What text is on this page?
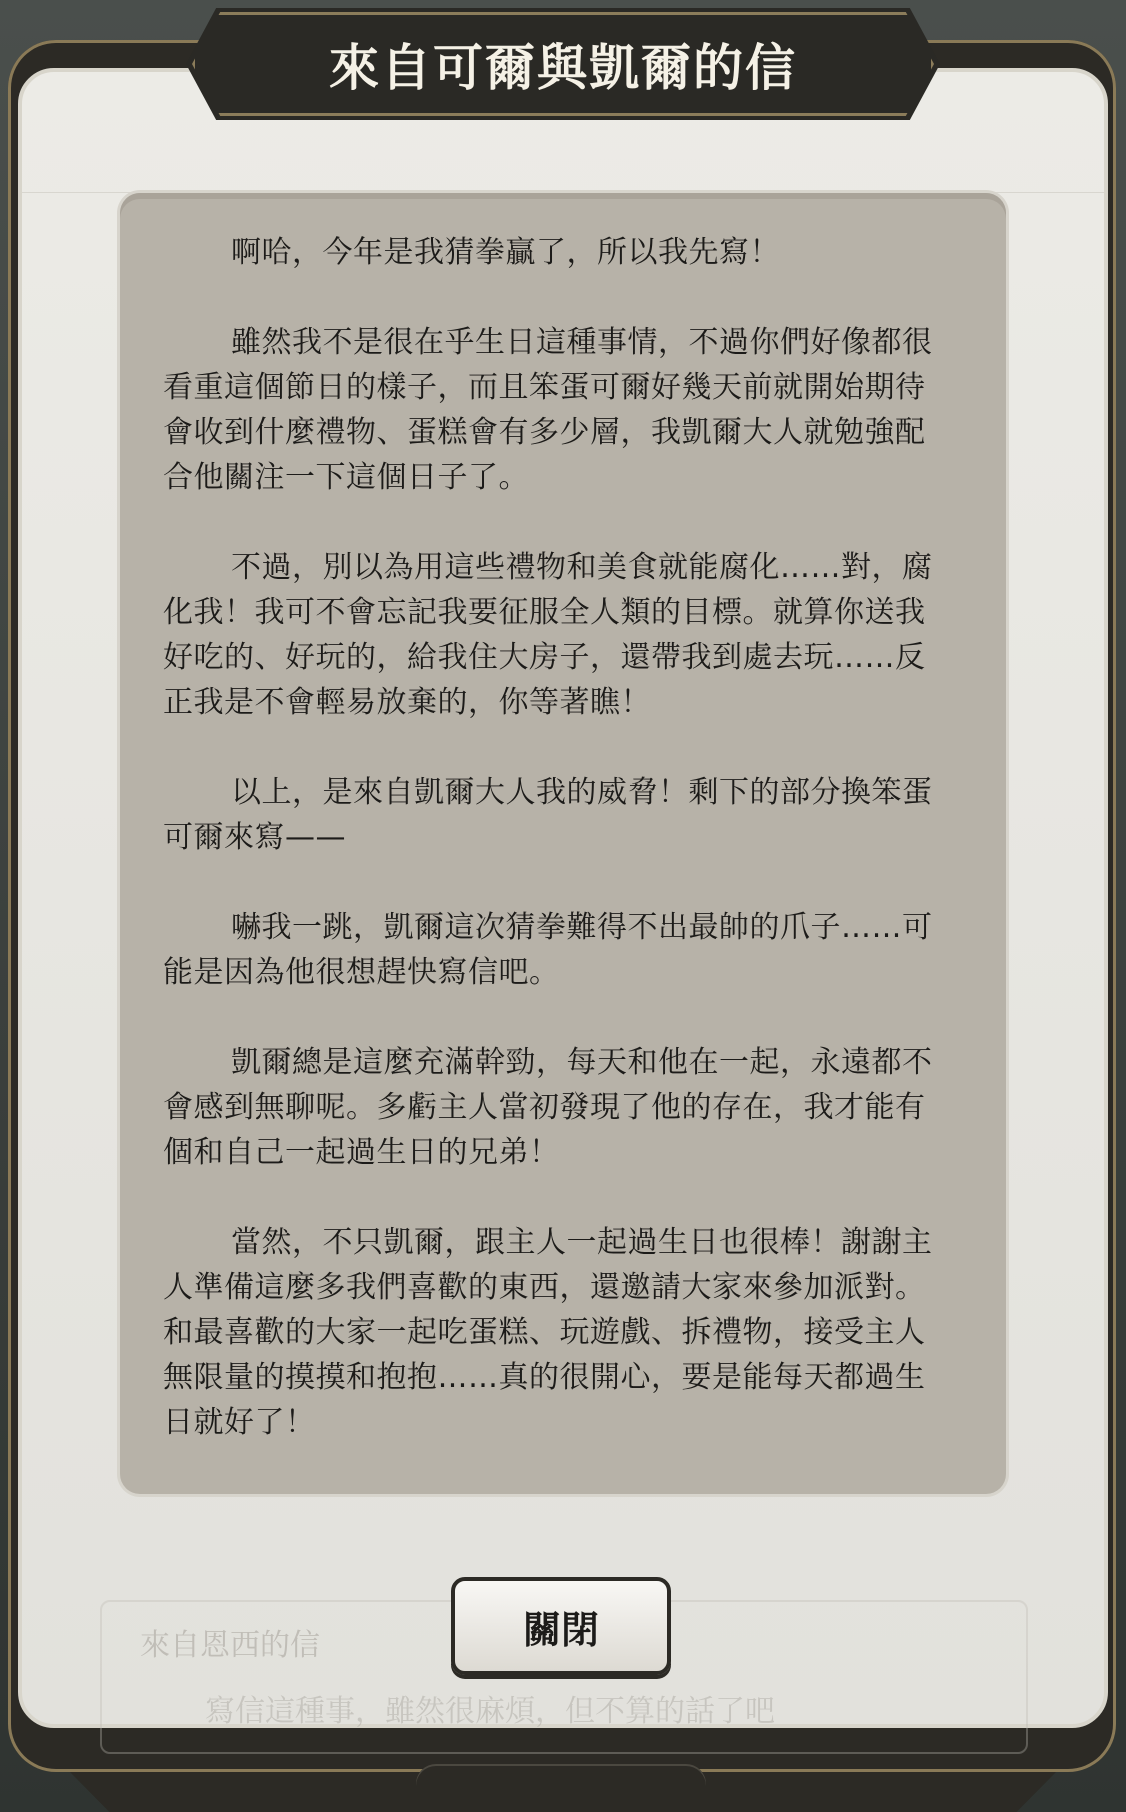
來自恩西的信
寫信這種事，雖然很麻煩，但不算的話了吧
來自可爾與凱爾的信

啊哈，今年是我猜拳贏了，所以我先寫！

雖然我不是很在乎生日這種事情，不過你們好像都很看重這個節日的樣子，而且笨蛋可爾好幾天前就開始期待會收到什麼禮物、蛋糕會有多少層，我凱爾大人就勉強配合他關注一下這個日子了。

不過，別以為用這些禮物和美食就能腐化……對，腐化我！我可不會忘記我要征服全人類的目標。就算你送我好吃的、好玩的，給我住大房子，還帶我到處去玩……反正我是不會輕易放棄的，你等著瞧！

以上，是來自凱爾大人我的威脅！剩下的部分換笨蛋可爾來寫——

嚇我一跳，凱爾這次猜拳難得不出最帥的爪子……可能是因為他很想趕快寫信吧。

凱爾總是這麼充滿幹勁，每天和他在一起，永遠都不會感到無聊呢。多虧主人當初發現了他的存在，我才能有個和自己一起過生日的兄弟！

當然，不只凱爾，跟主人一起過生日也很棒！謝謝主人準備這麼多我們喜歡的東西，還邀請大家來參加派對。和最喜歡的大家一起吃蛋糕、玩遊戲、拆禮物，接受主人無限量的摸摸和抱抱……真的很開心，要是能每天都過生日就好了！

關閉
